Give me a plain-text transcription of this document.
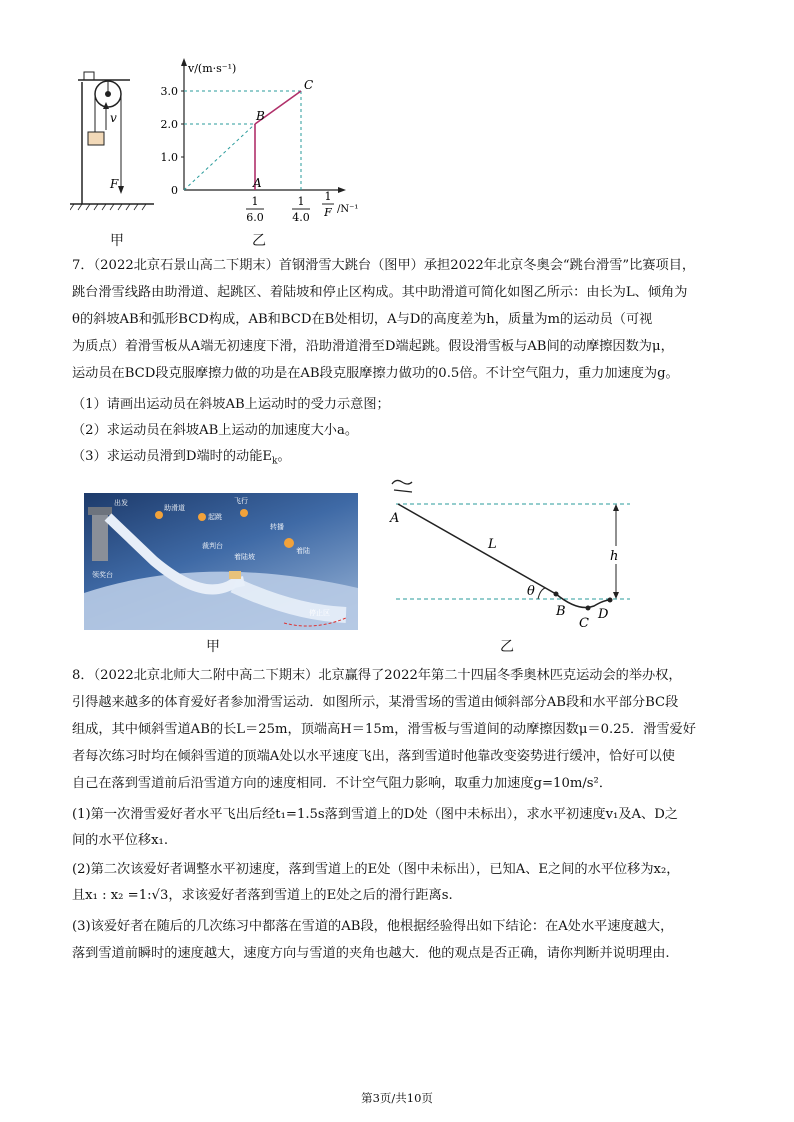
v
F
甲
v/(m·s⁻¹)
3.0
2.0
1.0
0
C
B
A
1
6.0
1
4.0
1
F /N⁻¹
乙
7．（2022北京石景山高二下期末）首钢滑雪大跳台（图甲）承担2022年北京冬奥会“跳台滑雪”比赛项目，
跳台滑雪线路由助滑道、起跳区、着陆坡和停止区构成。其中助滑道可简化如图乙所示：由长为L、倾角为
θ的斜坡AB和弧形BCD构成，AB和BCD在B处相切，A与D的高度差为h，质量为m的运动员（可视
为质点）着滑雪板从A端无初速度下滑，沿助滑道滑至D端起跳。假设滑雪板与AB间的动摩擦因数为μ，
运动员在BCD段克服摩擦力做的功是在AB段克服摩擦力做功的0.5倍。不计空气阻力，重力加速度为g。
（1）请画出运动员在斜坡AB上运动时的受力示意图；
（2）求运动员在斜坡AB上运动的加速度大小a。
（3）求运动员滑到D端时的动能$E_k$。
出发
助滑道
起跳
飞行
裁判台
着陆坡
着陆
停止区
领奖台
转播
甲
A
L
θ
B
C
D
h
乙
8．（2022北京北师大二附中高二下期末）北京赢得了2022年第二十四届冬季奥林匹克运动会的举办权，
引得越来越多的体育爱好者参加滑雪运动．如图所示，某滑雪场的雪道由倾斜部分AB段和水平部分BC段
组成，其中倾斜雪道AB的长L＝25m，顶端高H＝15m，滑雪板与雪道间的动摩擦因数μ＝0.25．滑雪爱好
者每次练习时均在倾斜雪道的顶端A处以水平速度飞出，落到雪道时他靠改变姿势进行缓冲，恰好可以使
自己在落到雪道前后沿雪道方向的速度相同．不计空气阻力影响，取重力加速度g=10m/s²．
(1)第一次滑雪爱好者水平飞出后经t₁=1.5s落到雪道上的D处（图中未标出），求水平初速度v₁及A、D之
间的水平位移x₁.
(2)第二次该爱好者调整水平初速度，落到雪道上的E处（图中未标出），已知A、E之间的水平位移为x₂，
且x₁ : x₂ =1:√3，求该爱好者落到雪道上的E处之后的滑行距离s.
(3)该爱好者在随后的几次练习中都落在雪道的AB段，他根据经验得出如下结论：在A处水平速度越大，
落到雪道前瞬时的速度越大，速度方向与雪道的夹角也越大．他的观点是否正确，请你判断并说明理由.
第3页/共10页
